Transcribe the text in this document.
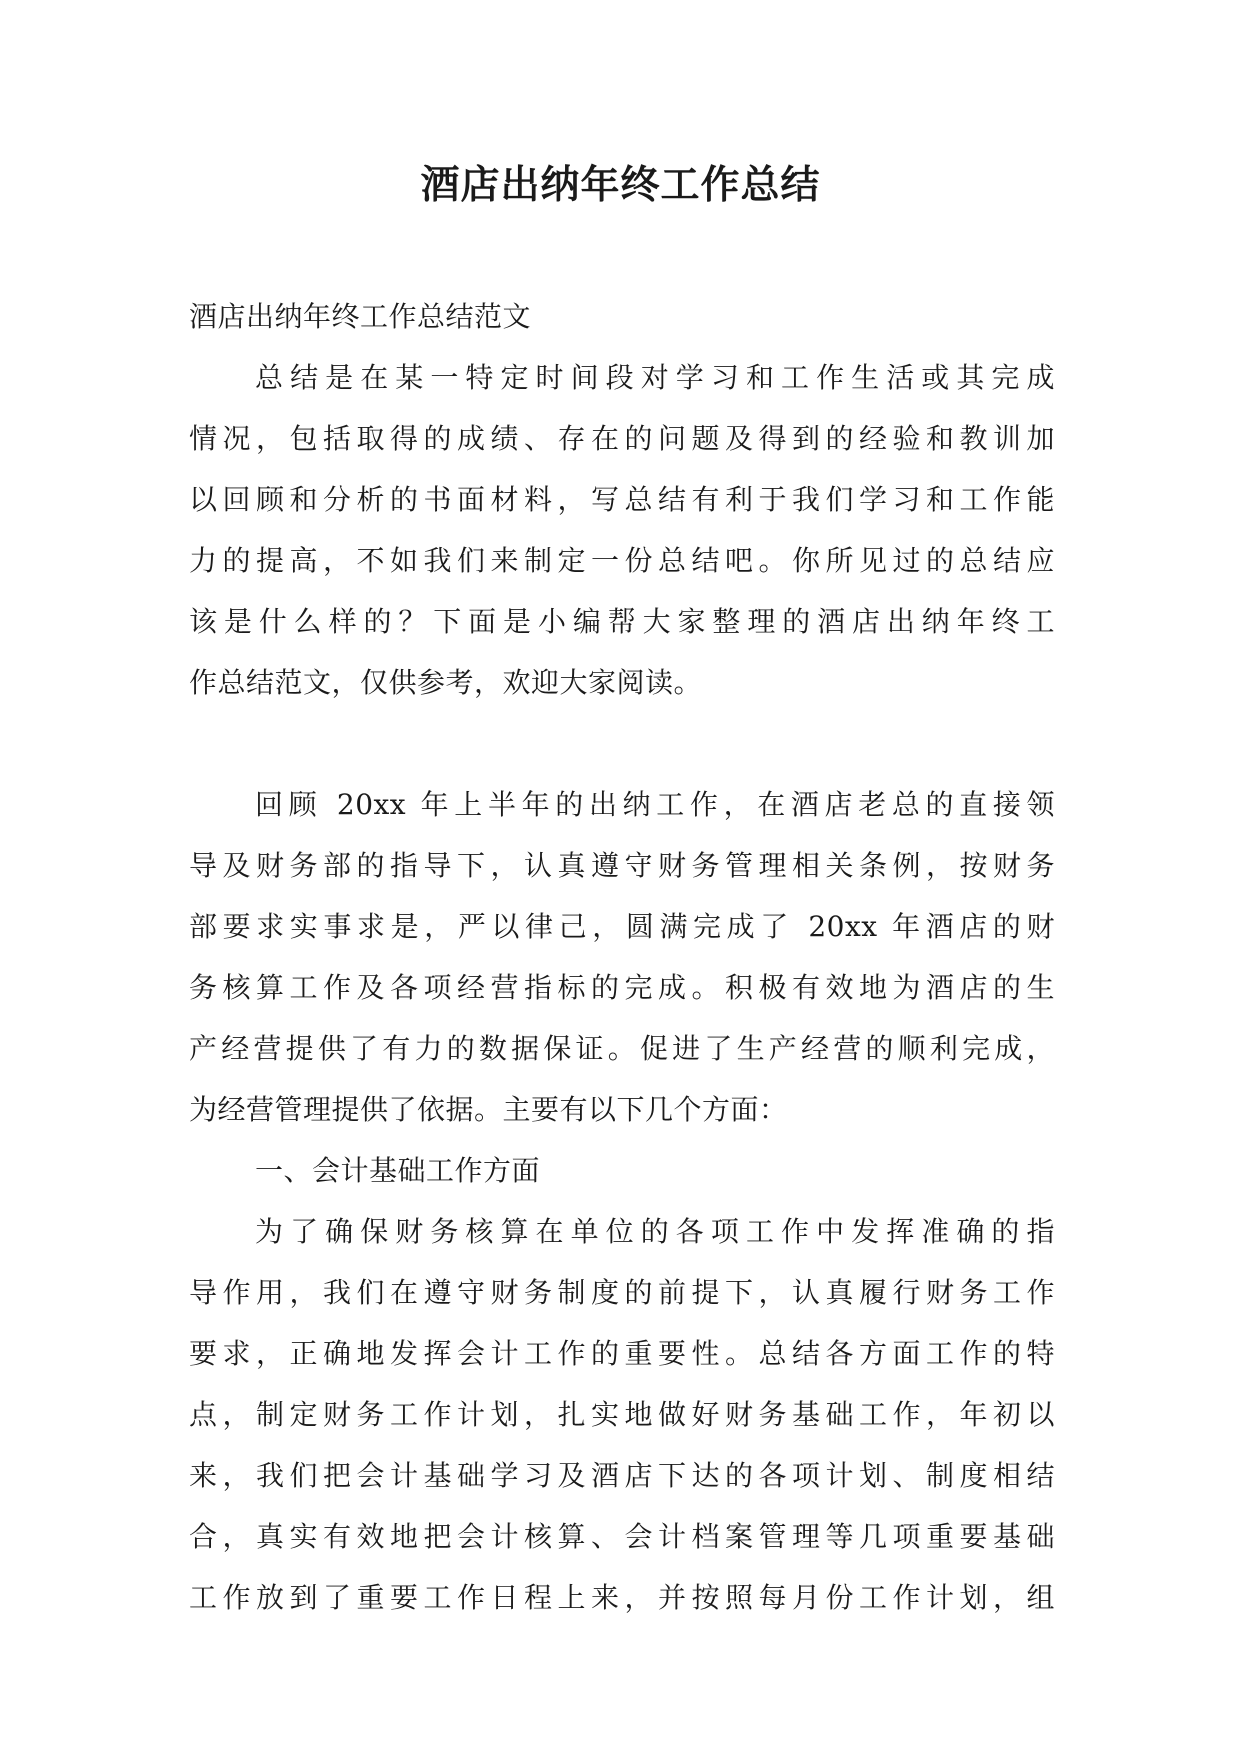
酒店出纳年终工作总结
酒店出纳年终工作总结范文
总结是在某一特定时间段对学习和工作生活或其完成
情况，包括取得的成绩、存在的问题及得到的经验和教训加
以回顾和分析的书面材料，写总结有利于我们学习和工作能
力的提高，不如我们来制定一份总结吧。你所见过的总结应
该是什么样的？下面是小编帮大家整理的酒店出纳年终工
作总结范文，仅供参考，欢迎大家阅读。
回顾 20xx 年上半年的出纳工作，在酒店老总的直接领
导及财务部的指导下，认真遵守财务管理相关条例，按财务
部要求实事求是，严以律己，圆满完成了 20xx 年酒店的财
务核算工作及各项经营指标的完成。积极有效地为酒店的生
产经营提供了有力的数据保证。促进了生产经营的顺利完成，
为经营管理提供了依据。主要有以下几个方面：
一、会计基础工作方面
为了确保财务核算在单位的各项工作中发挥准确的指
导作用，我们在遵守财务制度的前提下，认真履行财务工作
要求，正确地发挥会计工作的重要性。总结各方面工作的特
点，制定财务工作计划，扎实地做好财务基础工作，年初以
来，我们把会计基础学习及酒店下达的各项计划、制度相结
合，真实有效地把会计核算、会计档案管理等几项重要基础
工作放到了重要工作日程上来，并按照每月份工作计划，组
